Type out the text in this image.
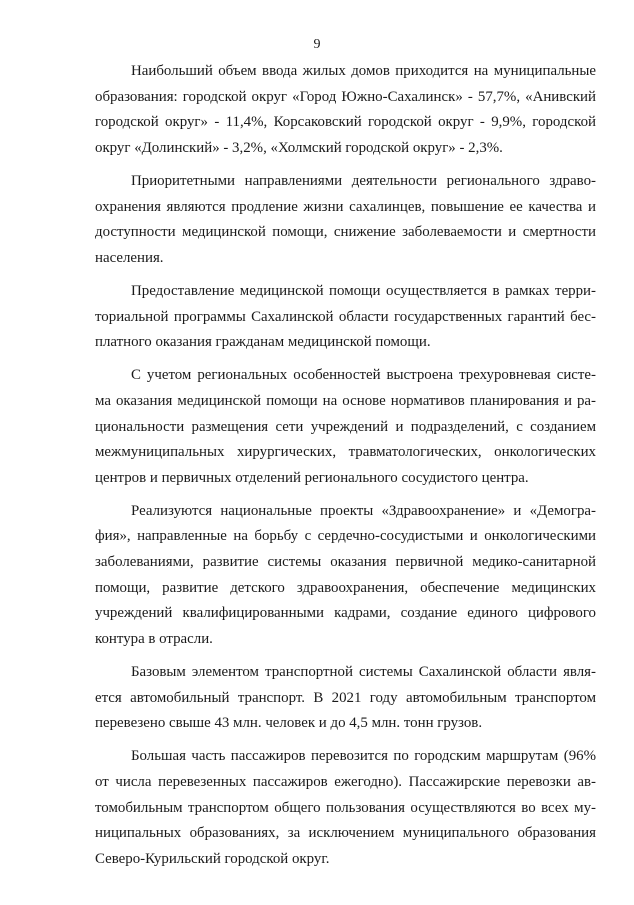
9

Наибольший объем ввода жилых домов приходится на муниципальные
образования: городской округ «Город Южно-Сахалинск» - 57,7%, «Анивский
городской округ» - 11,4%, Корсаковский городской округ - 9,9%, городской
округ «Долинский» - 3,2%, «Холмский городской округ» - 2,3%.

Приоритетными направлениями деятельности регионального здраво-
охранения являются продление жизни сахалинцев, повышение ее качества и
доступности медицинской помощи, снижение заболеваемости и смертности
населения.

Предоставление медицинской помощи осуществляется в рамках терри-
ториальной программы Сахалинской области государственных гарантий бес-
платного оказания гражданам медицинской помощи.

С учетом региональных особенностей выстроена трехуровневая систе-
ма оказания медицинской помощи на основе нормативов планирования и ра-
циональности размещения сети учреждений и подразделений, с созданием
межмуниципальных хирургических, травматологических, онкологических
центров и первичных отделений регионального сосудистого центра.

Реализуются национальные проекты «Здравоохранение» и «Демогра-
фия», направленные на борьбу с сердечно-сосудистыми и онкологическими
заболеваниями, развитие системы оказания первичной медико-санитарной
помощи, развитие детского здравоохранения, обеспечение медицинских
учреждений квалифицированными кадрами, создание единого цифрового
контура в отрасли.

Базовым элементом транспортной системы Сахалинской области явля-
ется автомобильный транспорт. В 2021 году автомобильным транспортом
перевезено свыше 43 млн. человек и до 4,5 млн. тонн грузов.

Большая часть пассажиров перевозится по городским маршрутам (96%
от числа перевезенных пассажиров ежегодно). Пассажирские перевозки ав-
томобильным транспортом общего пользования осуществляются во всех му-
ниципальных образованиях, за исключением муниципального образования
Северо-Курильский городской округ.
